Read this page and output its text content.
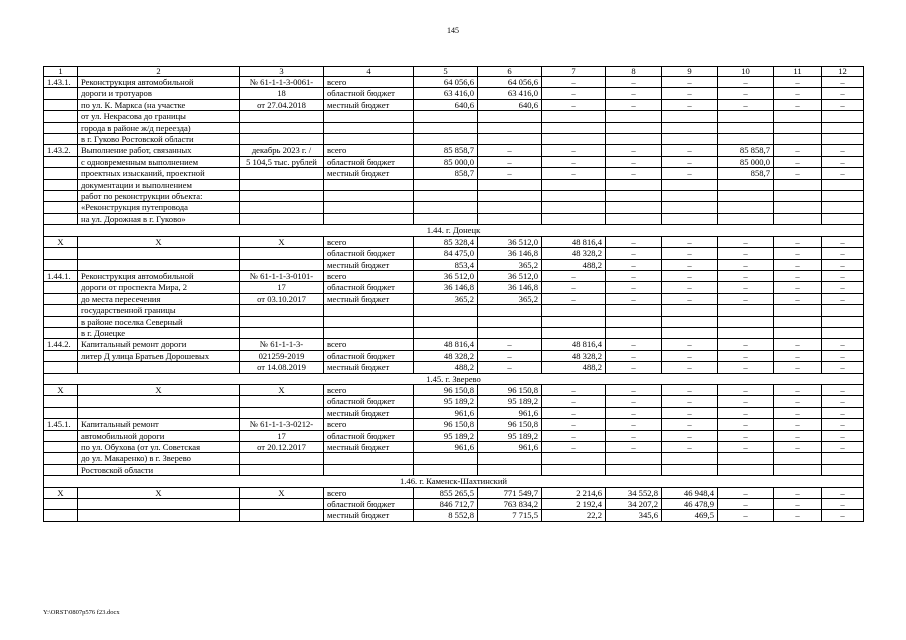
145
1	2	3	4	5	6	7	8	9	10	11	12
1.43.1.	Реконструкция автомобильной	№ 61-1-1-3-0061-	всего	64 056,6	64 056,6	–	–	–	–	–	–
	дороги и тротуаров	18	областной бюджет	63 416,0	63 416,0	–	–	–	–	–	–
	по ул. К. Маркса (на участке	от 27.04.2018	местный бюджет	640,6	640,6	–	–	–	–	–	–
	от ул. Некрасова до границы										
	города в районе ж/д переезда)										
	в г. Гуково Ростовской области										
1.43.2.	Выполнение работ, связанных	декабрь 2023 г. /	всего	85 858,7	–	–	–	–	85 858,7	–	–
	с одновременным выполнением	5 104,5 тыс. рублей	областной бюджет	85 000,0	–	–	–	–	85 000,0	–	–
	проектных изысканий, проектной		местный бюджет	858,7	–	–	–	–	858,7	–	–
	документации и выполнением										
	работ по реконструкции объекта:										
	«Реконструкция путепровода										
	на ул. Дорожная в г. Гуково»										
1.44. г. Донецк											
Х	Х	Х	всего	85 328,4	36 512,0	48 816,4	–	–	–	–	–
			областной бюджет	84 475,0	36 146,8	48 328,2	–	–	–	–	–
			местный бюджет	853,4	365,2	488,2	–	–	–	–	–
1.44.1.	Реконструкция автомобильной	№ 61-1-1-3-0101-	всего	36 512,0	36 512,0	–	–	–	–	–	–
	дороги от проспекта Мира, 2	17	областной бюджет	36 146,8	36 146,8	–	–	–	–	–	–
	до места пересечения	от 03.10.2017	местный бюджет	365,2	365,2	–	–	–	–	–	–
	государственной границы										
	в районе поселка Северный										
	в г. Донецке										
1.44.2.	Капитальный ремонт дороги	№ 61-1-1-3-	всего	48 816,4	–	48 816,4	–	–	–	–	–
	литер Д улица Братьев Дорошевых	021259-2019	областной бюджет	48 328,2	–	48 328,2	–	–	–	–	–
		от 14.08.2019	местный бюджет	488,2	–	488,2	–	–	–	–	–
1.45. г. Зверево											
Х	Х	Х	всего	96 150,8	96 150,8	–	–	–	–	–	–
			областной бюджет	95 189,2	95 189,2	–	–	–	–	–	–
			местный бюджет	961,6	961,6	–	–	–	–	–	–
1.45.1.	Капитальный ремонт	№ 61-1-1-3-0212-	всего	96 150,8	96 150,8	–	–	–	–	–	–
	автомобильной дороги	17	областной бюджет	95 189,2	95 189,2	–	–	–	–	–	–
	по ул. Обухова (от ул. Советская	от 20.12.2017	местный бюджет	961,6	961,6	–	–	–	–	–	–
	до ул. Макаренко) в г. Зверево										
	Ростовской области										
1.46. г. Каменск-Шахтинский											
Х	Х	Х	всего	855 265,5	771 549,7	2 214,6	34 552,8	46 948,4	–	–	–
			областной бюджет	846 712,7	763 834,2	2 192,4	34 207,2	46 478,9	–	–	–
			местный бюджет	8 552,8	7 715,5	22,2	345,6	469,5	–	–	–
Y:\ORST\0807p576 f23.docx
